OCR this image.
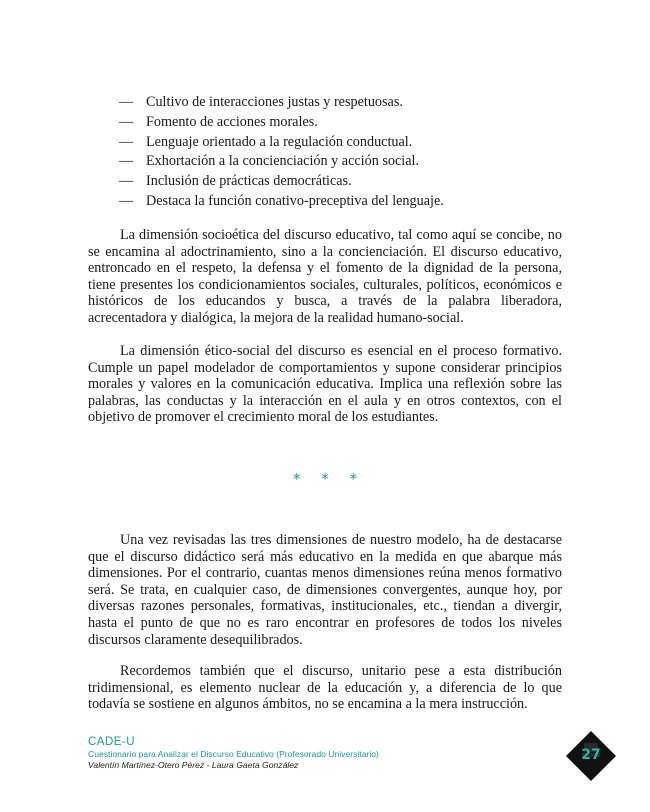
— Cultivo de interacciones justas y respetuosas.
— Fomento de acciones morales.
— Lenguaje orientado a la regulación conductual.
— Exhortación a la concienciación y acción social.
— Inclusión de prácticas democráticas.
— Destaca la función conativo-preceptiva del lenguaje.

La dimensión socioética del discurso educativo, tal como aquí se concibe, no se encamina al adoctrinamiento, sino a la concienciación. El discurso educativo, entroncado en el respeto, la defensa y el fomento de la dignidad de la persona, tiene presentes los condicionamientos sociales, culturales, políticos, económicos e históricos de los educandos y busca, a través de la palabra liberadora, acrecentadora y dialógica, la mejora de la realidad humano-social.

La dimensión ético-social del discurso es esencial en el proceso formativo. Cumple un papel modelador de comportamientos y supone considerar principios morales y valores en la comunicación educativa. Implica una reflexión sobre las palabras, las conductas y la interacción en el aula y en otros contextos, con el objetivo de promover el crecimiento moral de los estudiantes.

* * *

Una vez revisadas las tres dimensiones de nuestro modelo, ha de destacarse que el discurso didáctico será más educativo en la medida en que abarque más dimensiones. Por el contrario, cuantas menos dimensiones reúna menos formativo será. Se trata, en cualquier caso, de dimensiones convergentes, aunque hoy, por diversas razones personales, formativas, institucionales, etc., tiendan a divergir, hasta el punto de que no es raro encontrar en profesores de todos los niveles discursos claramente desequilibrados.

Recordemos también que el discurso, unitario pese a esta distribución tridimensional, es elemento nuclear de la educación y, a diferencia de lo que todavía se sostiene en algunos ámbitos, no se encamina a la mera instrucción.

CADE-U
Cuestionario para Analizar el Discurso Educativo (Profesorado Universitario)
Valentín Martínez-Otero Pérez - Laura Gaeta González
27
